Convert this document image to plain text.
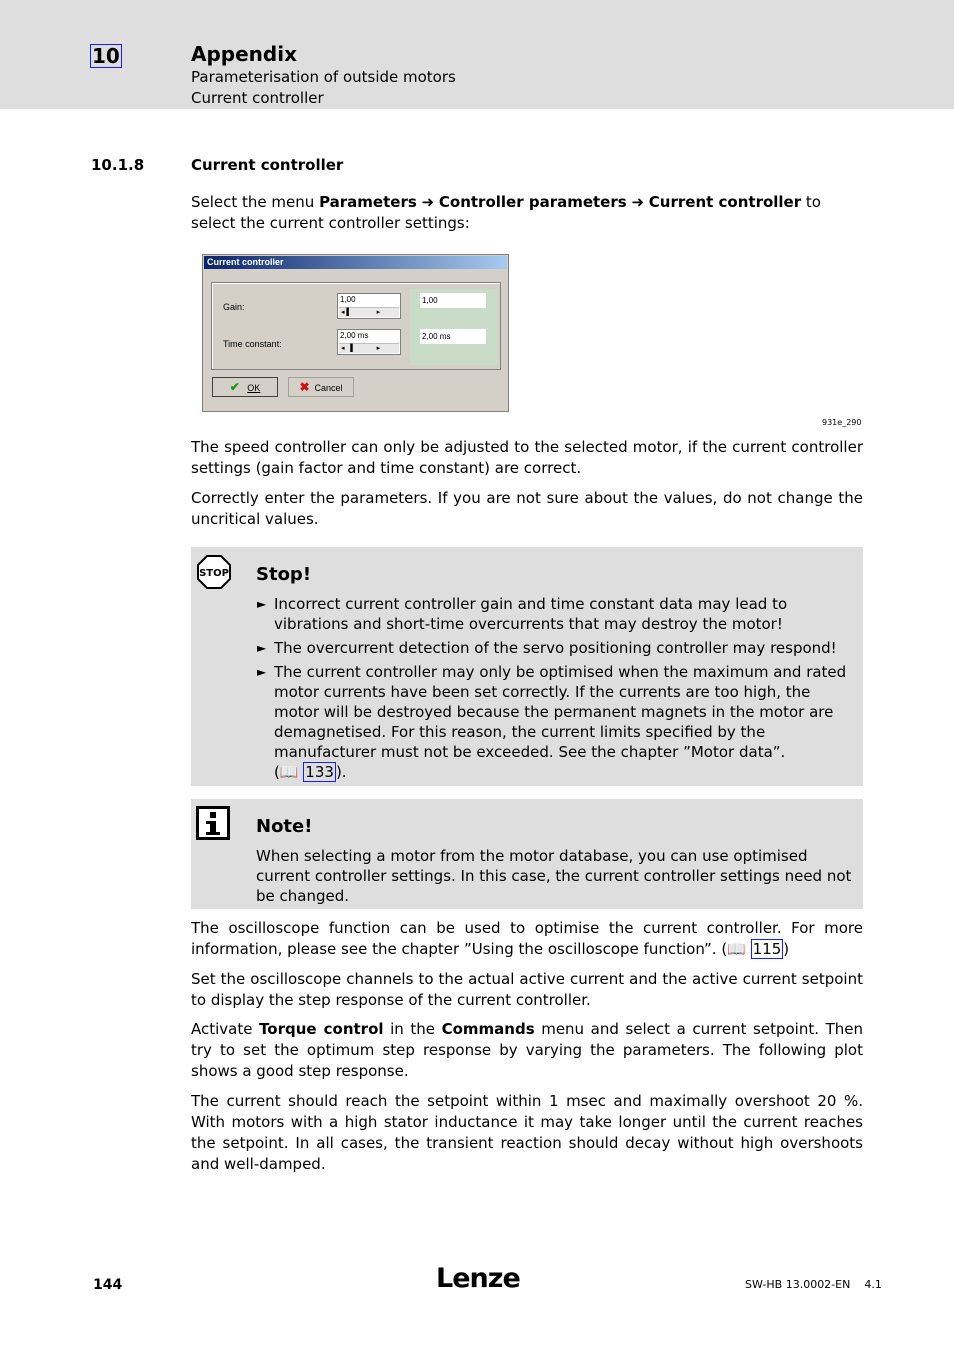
10	Appendix
Parameterisation of outside motors
Current controller
10.1.8	Current controller
Select the menu Parameters ➜ Controller parameters ➜ Current controller to select the current controller settings:
Current controller
Gain:
1,00
◂ ▌             ▸
Time constant:
2,00 ms
◂   ▌           ▸
1,00
2,00 ms
✔ OK	✖ Cancel
931e_290
The speed controller can only be adjusted to the selected motor, if the current controller settings (gain factor and time constant) are correct.
Correctly enter the parameters. If you are not sure about the values, do not change the uncritical values.
STOP Stop!
► Incorrect current controller gain and time constant data may lead to vibrations and short-time overcurrents that may destroy the motor!
► The overcurrent detection of the servo positioning controller may respond!
► The current controller may only be optimised when the maximum and rated motor currents have been set correctly. If the currents are too high, the motor will be destroyed because the permanent magnets in the motor are demagnetised. For this reason, the current limits specified by the manufacturer must not be exceeded. See the chapter ”Motor data”.
(📖 133 ).
Note!
When selecting a motor from the motor database, you can use optimised current controller settings. In this case, the current controller settings need not be changed.
The oscilloscope function can be used to optimise the current controller. For more information, please see the chapter ”Using the oscilloscope function”. (📖 115 )
Set the oscilloscope channels to the actual active current and the active current setpoint to display the step response of the current controller.
Activate Torque control in the Commands menu and select a current setpoint. Then try to set the optimum step response by varying the parameters. The following plot shows a good step response.
The current should reach the setpoint within 1 msec and maximally overshoot 20 %. With motors with a high stator inductance it may take longer until the current reaches the setpoint. In all cases, the transient reaction should decay without high overshoots and well-damped.
144	Lenze	SW-HB 13.0002-EN    4.1
